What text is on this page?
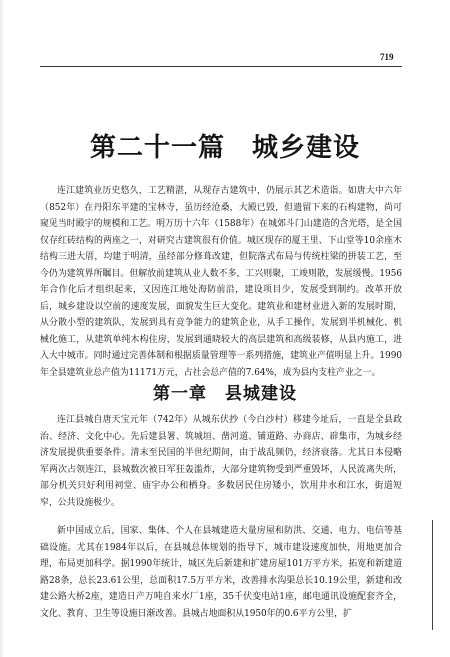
719
第二十一篇　城乡建设

连江建筑业历史悠久，工艺精湛，从现存古建筑中，仍展示其艺术造诣。如唐大中六年（852年）在丹阳东平建的宝林寺，虽历经沧桑，大殿已毁，但遗留下来的石构建物，尚可窥见当时殿宇的规模和工艺。明万历十六年（1588年）在城郊斗门山建造的含光塔，是全国仅存红砖结构的两座之一，对研究古建筑很有价值。城区现存的厦王里、下山堂等10余座木结构三进大厝，均建于明清，虽经部分修葺改建，但院落式布局与传统柱梁的拼装工艺，至今仍为建筑界所瞩目。但解放前建筑从业人数不多，工兴则聚，工竣则散，发展缓慢。1956年合作化后才组织起来，又因连江地处海防前沿，建设项目少，发展受到制约。改革开放后，城乡建设以空前的速度发展，面貌发生巨大变化。建筑业和建材业进入新的发展时期，从分散小型的建筑队，发展到具有竞争能力的建筑企业，从手工操作，发展到半机械化、机械化施工，从建筑单纯木构住房，发展到通晓较大的高层建筑和高级装修，从县内施工，进入大中城市。同时通过完善体制和根据质量管理等一系列措施，建筑业产值明显上升。1990年全县建筑业总产值为11171万元，占社会总产值的7.64%，成为县内支柱产业之一。

第一章　县城建设

连江县城自唐天宝元年（742年）从城东伏抄（今白沙村）移建今址后，一直是全县政治、经济、文化中心。先后建县署、筑城垣、凿河道、铺道路、办商店、辟集市，为城乡经济发展提供重要条件。清末至民国的半世纪期间，由于战乱频仍，经济衰落。尤其日本侵略军两次占领连江，县城数次被日军狂轰滥炸，大部分建筑物受到严重毁坏，人民流离失所，部分机关只好利用祠堂、庙宇办公和栖身。多数居民住房矮小，饮用井水和江水，街道短窄，公共设施极少。

新中国成立后，国家、集体、个人在县城建造大量房屋和防洪、交通、电力、电信等基础设施。尤其在1984年以后，在县城总体规划的指导下，城市建设速度加快，用地更加合理，布局更加科学。据1990年统计，城区先后新建和扩建房屋101万平方米，拓宽和新建道路28条，总长23.61公里，总面积17.5万平方米，改善排水沟渠总长10.19公里，新建和改建公路大桥2座，建造日产万吨自来水厂1座，35千伏变电站1座，邮电通讯设施配套齐全，文化、教育、卫生等设施日渐改善。县城占地面积从1950年的0.6平方公里，扩
